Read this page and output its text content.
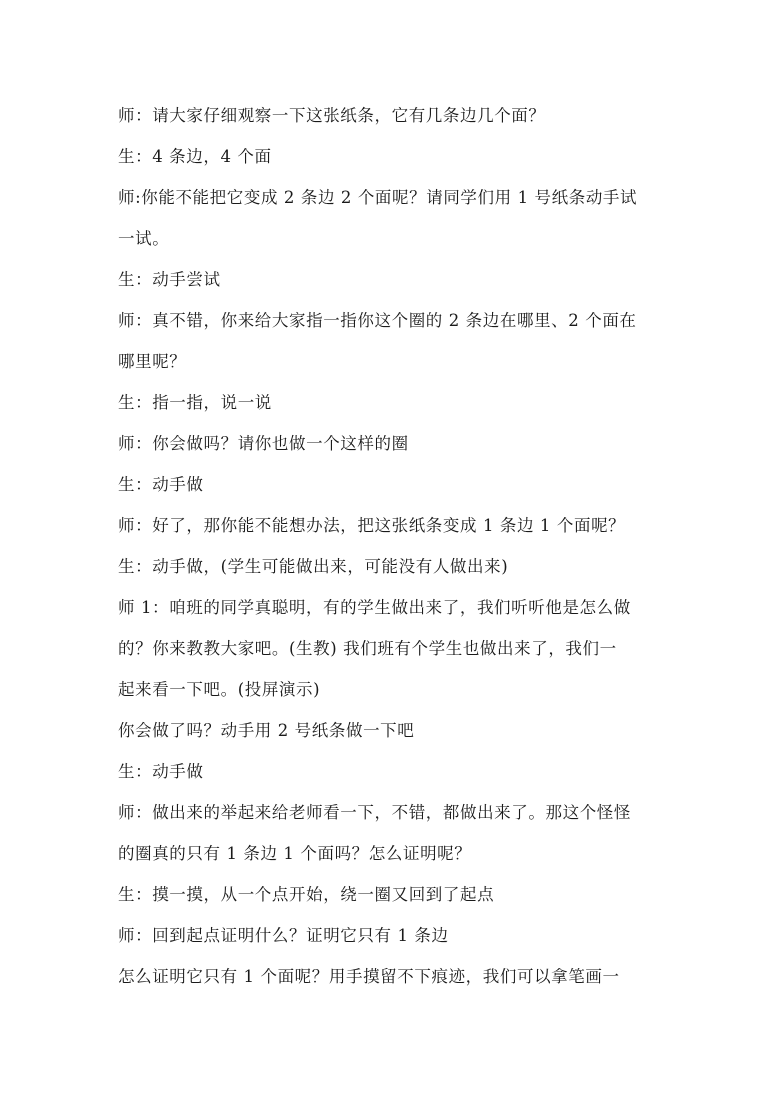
师：请大家仔细观察一下这张纸条，它有几条边几个面？
生：4 条边，4 个面
师:你能不能把它变成 2 条边 2 个面呢？请同学们用 1 号纸条动手试
一试。
生：动手尝试
师：真不错，你来给大家指一指你这个圈的 2 条边在哪里、2 个面在
哪里呢？
生：指一指，说一说
师：你会做吗？请你也做一个这样的圈
生：动手做
师：好了，那你能不能想办法，把这张纸条变成 1 条边 1 个面呢？
生：动手做，(学生可能做出来，可能没有人做出来)
师 1：咱班的同学真聪明，有的学生做出来了，我们听听他是怎么做
的？你来教教大家吧。(生教) 我们班有个学生也做出来了，我们一
起来看一下吧。(投屏演示)
你会做了吗？动手用 2 号纸条做一下吧
生：动手做
师：做出来的举起来给老师看一下，不错，都做出来了。那这个怪怪
的圈真的只有 1 条边 1 个面吗？怎么证明呢？
生：摸一摸，从一个点开始，绕一圈又回到了起点
师：回到起点证明什么？证明它只有 1 条边
怎么证明它只有 1 个面呢？用手摸留不下痕迹，我们可以拿笔画一
